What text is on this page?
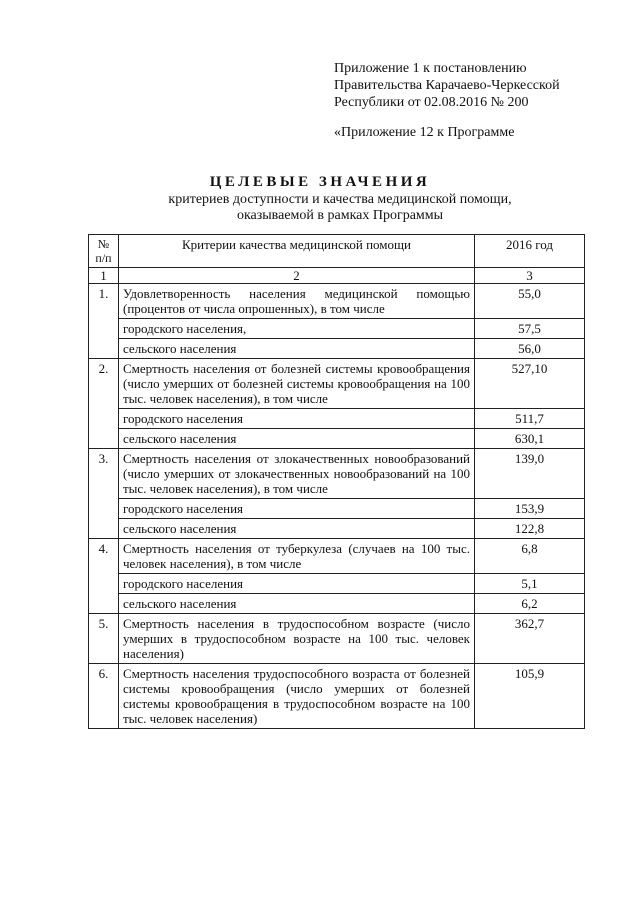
Приложение 1 к постановлению
Правительства Карачаево-Черкесской
Республики от 02.08.2016 № 200
«Приложение 12 к Программе
ЦЕЛЕВЫЕ ЗНАЧЕНИЯ
критериев доступности и качества медицинской помощи,
оказываемой в рамках Программы
№ п/п	Критерии качества медицинской помощи	2016 год
1	2	3
1.	Удовлетворенность населения медицинской помощью (процентов от числа опрошенных), в том числе	55,0
	городского населения,	57,5
	сельского населения	56,0
2.	Смертность населения от болезней системы кровообращения (число умерших от болезней системы кровообращения на 100 тыс. человек населения), в том числе	527,10
	городского населения	511,7
	сельского населения	630,1
3.	Смертность населения от злокачественных новообразований (число умерших от злокачественных новообразований на 100 тыс. человек населения), в том числе	139,0
	городского населения	153,9
	сельского населения	122,8
4.	Смертность населения от туберкулеза (случаев на 100 тыс. человек населения), в том числе	6,8
	городского населения	5,1
	сельского населения	6,2
5.	Смертность населения в трудоспособном возрасте (число умерших в трудоспособном возрасте на 100 тыс. человек населения)	362,7
6.	Смертность населения трудоспособного возраста от болезней системы кровообращения (число умерших от болезней системы кровообращения в трудоспособном возрасте на 100 тыс. человек населения)	105,9
